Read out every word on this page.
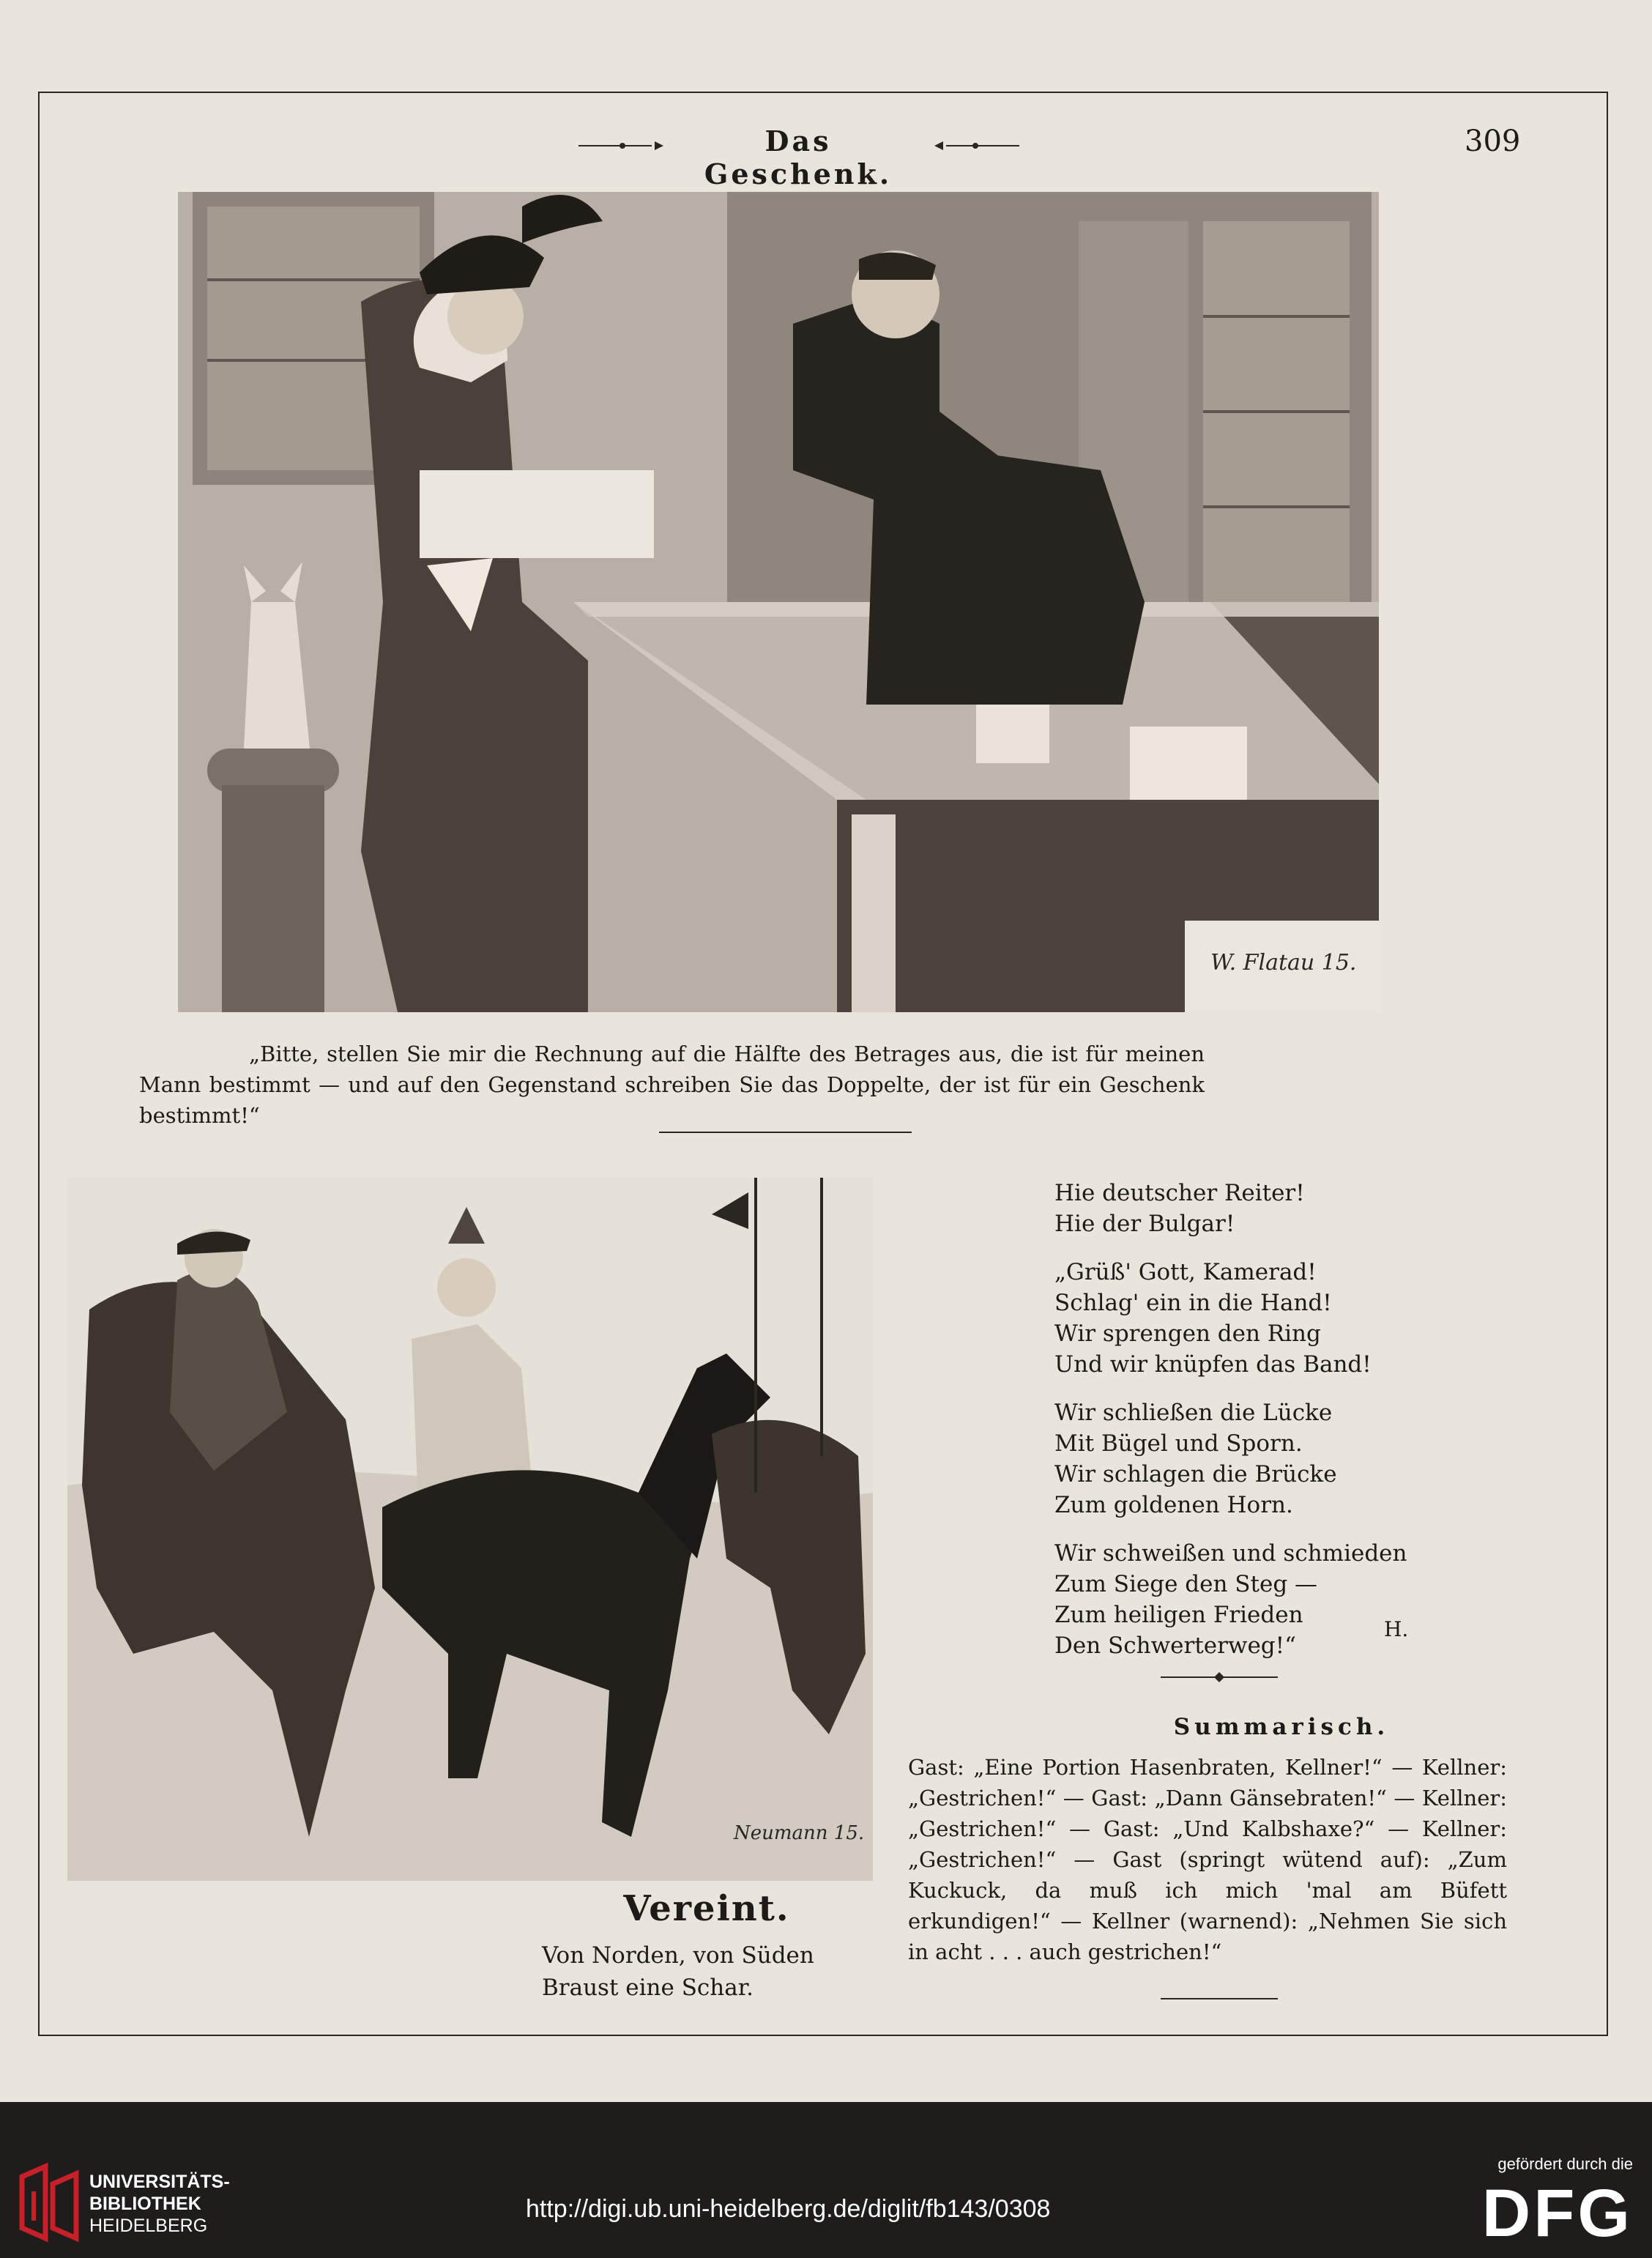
Das Geschenk.
309
W. Flatau 15.
„Bitte, stellen Sie mir die Rechnung auf die Hälfte des Betrages aus, die ist für meinen Mann bestimmt — und auf den Gegenstand schreiben Sie das Doppelte, der ist für ein Geschenk bestimmt!“
Neumann 15.
Vereint.
Von Norden, von Süden
Braust eine Schar.
Hie deutscher Reiter!
Hie der Bulgar!
„Grüß' Gott, Kamerad!
Schlag' ein in die Hand!
Wir sprengen den Ring
Und wir knüpfen das Band!
Wir schließen die Lücke
Mit Bügel und Sporn.
Wir schlagen die Brücke
Zum goldenen Horn.
Wir schweißen und schmieden
Zum Siege den Steg —
Zum heiligen Frieden
Den Schwerterweg!“
H.
Summarisch.
Gast: „Eine Portion Hasenbraten, Kellner!“ — Kellner: „Gestrichen!“ — Gast: „Dann Gänsebraten!“ — Kellner: „Gestrichen!“ — Gast: „Und Kalbshaxe?“ — Kellner: „Gestrichen!“ — Gast (springt wütend auf): „Zum Kuckuck, da muß ich mich 'mal am Büfett erkundigen!“ — Kellner (warnend): „Nehmen Sie sich in acht . . . auch gestrichen!“
UNIVERSITÄTS-
BIBLIOTHEK
HEIDELBERG
http://digi.ub.uni-heidelberg.de/diglit/fb143/0308
gefördert durch die
DFG
